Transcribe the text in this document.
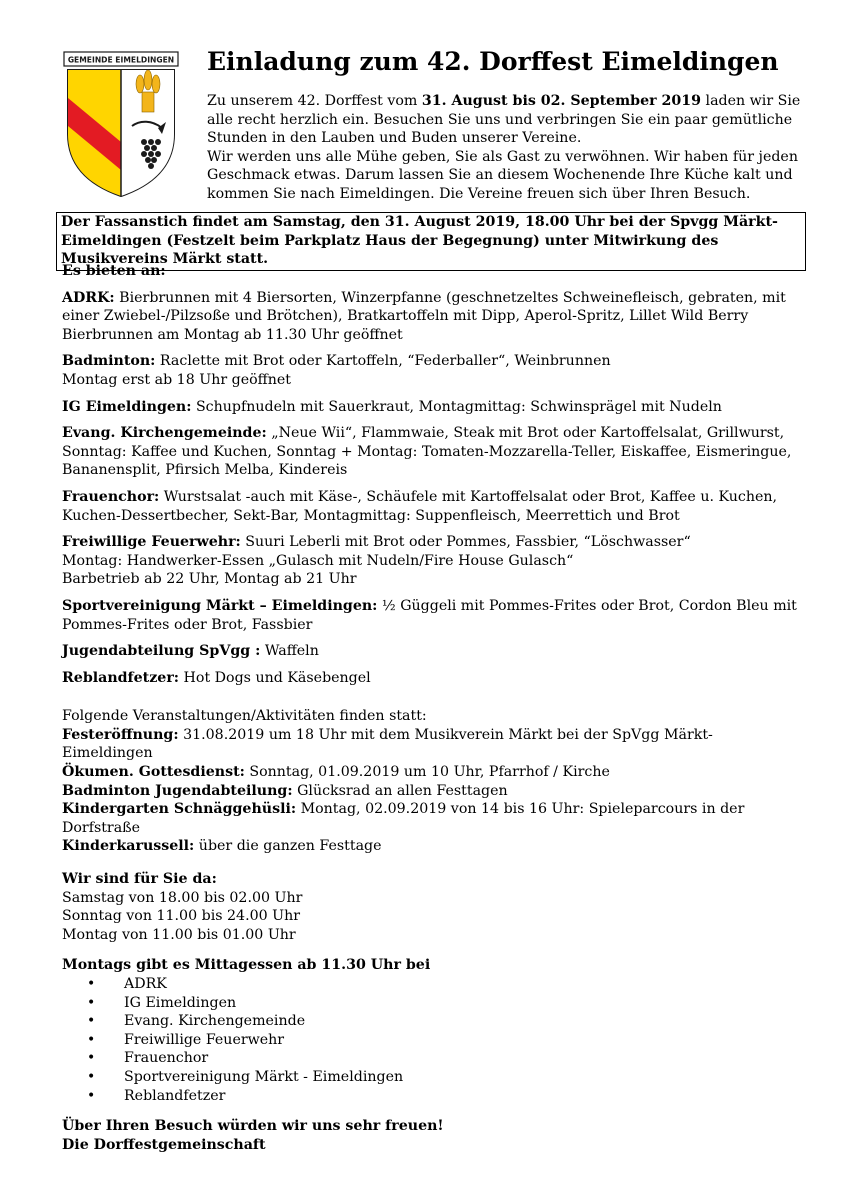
GEMEINDE EIMELDINGEN Einladung zum 42. Dorffest Eimeldingen

Zu unserem 42. Dorffest vom 31. August bis 02. September 2019 laden wir Sie alle recht herzlich ein. Besuchen Sie uns und verbringen Sie ein paar gemütliche Stunden in den Lauben und Buden unserer Vereine.
Wir werden uns alle Mühe geben, Sie als Gast zu verwöhnen. Wir haben für jeden Geschmack etwas. Darum lassen Sie an diesem Wochenende Ihre Küche kalt und kommen Sie nach Eimeldingen. Die Vereine freuen sich über Ihren Besuch.

Der Fassanstich findet am Samstag, den 31. August 2019, 18.00 Uhr bei der Spvgg Märkt-Eimeldingen (Festzelt beim Parkplatz Haus der Begegnung) unter Mitwirkung des Musikvereins Märkt statt.
Es bieten an:
ADRK: Bierbrunnen mit 4 Biersorten, Winzerpfanne (geschnetzeltes Schweinefleisch, gebraten, mit einer Zwiebel-/Pilzsoße und Brötchen), Bratkartoffeln mit Dipp, Aperol-Spritz, Lillet Wild Berry
Bierbrunnen am Montag ab 11.30 Uhr geöffnet
Badminton: Raclette mit Brot oder Kartoffeln, “Federballer“, Weinbrunnen
Montag erst ab 18 Uhr geöffnet
IG Eimeldingen: Schupfnudeln mit Sauerkraut, Montagmittag: Schwinsprägel mit Nudeln
Evang. Kirchengemeinde: „Neue Wii“, Flammwaie, Steak mit Brot oder Kartoffelsalat, Grillwurst, Sonntag: Kaffee und Kuchen, Sonntag + Montag: Tomaten-Mozzarella-Teller, Eiskaffee, Eismeringue, Bananensplit, Pfirsich Melba, Kindereis
Frauenchor: Wurstsalat -auch mit Käse-, Schäufele mit Kartoffelsalat oder Brot, Kaffee u. Kuchen, Kuchen-Dessertbecher, Sekt-Bar, Montagmittag: Suppenfleisch, Meerrettich und Brot
Freiwillige Feuerwehr: Suuri Leberli mit Brot oder Pommes, Fassbier, “Löschwasser“
Montag: Handwerker-Essen „Gulasch mit Nudeln/Fire House Gulasch“
Barbetrieb ab 22 Uhr, Montag ab 21 Uhr
Sportvereinigung Märkt – Eimeldingen: ½ Güggeli mit Pommes-Frites oder Brot, Cordon Bleu mit Pommes-Frites oder Brot, Fassbier
Jugendabteilung SpVgg : Waffeln
Reblandfetzer: Hot Dogs und Käsebengel
Folgende Veranstaltungen/Aktivitäten finden statt:
Festeröffnung: 31.08.2019 um 18 Uhr mit dem Musikverein Märkt bei der SpVgg Märkt-Eimeldingen
Ökumen. Gottesdienst: Sonntag, 01.09.2019 um 10 Uhr, Pfarrhof / Kirche
Badminton Jugendabteilung: Glücksrad an allen Festtagen
Kindergarten Schnäggehüsli: Montag, 02.09.2019 von 14 bis 16 Uhr: Spieleparcours in der Dorfstraße
Kinderkarussell: über die ganzen Festtage
Wir sind für Sie da:
Samstag von 18.00 bis 02.00 Uhr
Sonntag von 11.00 bis 24.00 Uhr
Montag von 11.00 bis 01.00 Uhr
Montags gibt es Mittagessen ab 11.30 Uhr bei
• ADRK
• IG Eimeldingen
• Evang. Kirchengemeinde
• Freiwillige Feuerwehr
• Frauenchor
• Sportvereinigung Märkt - Eimeldingen
• Reblandfetzer
Über Ihren Besuch würden wir uns sehr freuen!
Die Dorffestgemeinschaft
